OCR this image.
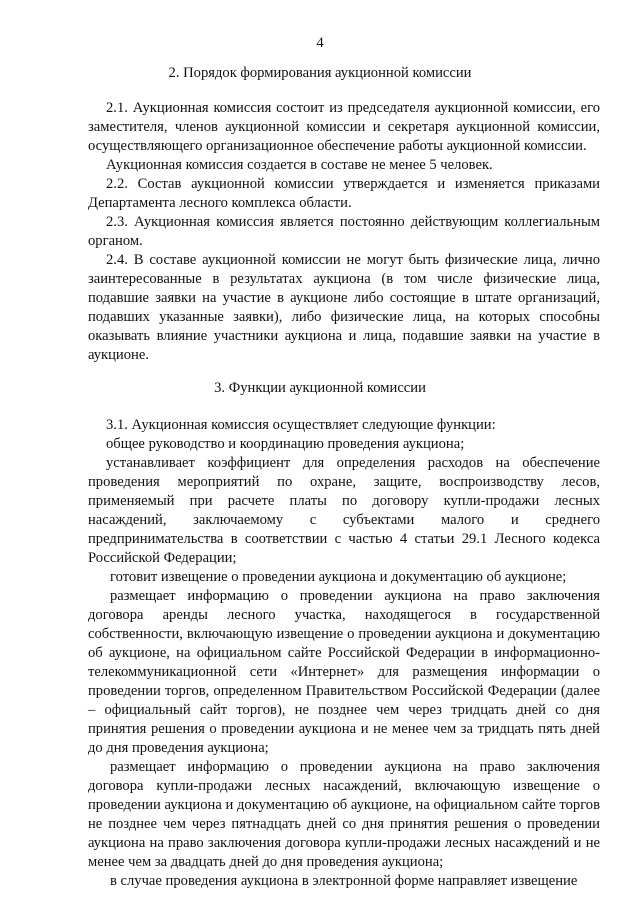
4
2. Порядок формирования аукционной комиссии

2.1. Аукционная комиссия состоит из председателя аукционной комиссии, его заместителя, членов аукционной комиссии и секретаря аукционной комиссии, осуществляющего организационное обеспечение работы аукционной комиссии.

Аукционная комиссия создается в составе не менее 5 человек.

2.2. Состав аукционной комиссии утверждается и изменяется приказами Департамента лесного комплекса области.

2.3. Аукционная комиссия является постоянно действующим коллегиальным органом.

2.4. В составе аукционной комиссии не могут быть физические лица, лично заинтересованные в результатах аукциона (в том числе физические лица, подавшие заявки на участие в аукционе либо состоящие в штате организаций, подавших указанные заявки), либо физические лица, на которых способны оказывать влияние участники аукциона и лица, подавшие заявки на участие в аукционе.

3. Функции аукционной комиссии

3.1. Аукционная комиссия осуществляет следующие функции:

общее руководство и координацию проведения аукциона;

устанавливает коэффициент для определения расходов на обеспечение проведения мероприятий по охране, защите, воспроизводству лесов, применяемый при расчете платы по договору купли-продажи лесных насаждений, заключаемому с субъектами малого и среднего предпринимательства в соответствии с частью 4 статьи 29.1 Лесного кодекса Российской Федерации;

готовит извещение о проведении аукциона и документацию об аукционе;

размещает информацию о проведении аукциона на право заключения договора аренды лесного участка, находящегося в государственной собственности, включающую извещение о проведении аукциона и документацию об аукционе, на официальном сайте Российской Федерации в информационно-телекоммуникационной сети «Интернет» для размещения информации о проведении торгов, определенном Правительством Российской Федерации (далее – официальный сайт торгов), не позднее чем через тридцать дней со дня принятия решения о проведении аукциона и не менее чем за тридцать пять дней до дня проведения аукциона;

размещает информацию о проведении аукциона на право заключения договора купли-продажи лесных насаждений, включающую извещение о проведении аукциона и документацию об аукционе, на официальном сайте торгов не позднее чем через пятнадцать дней со дня принятия решения о проведении аукциона на право заключения договора купли-продажи лесных насаждений и не менее чем за двадцать дней до дня проведения аукциона;

в случае проведения аукциона в электронной форме направляет извещение
